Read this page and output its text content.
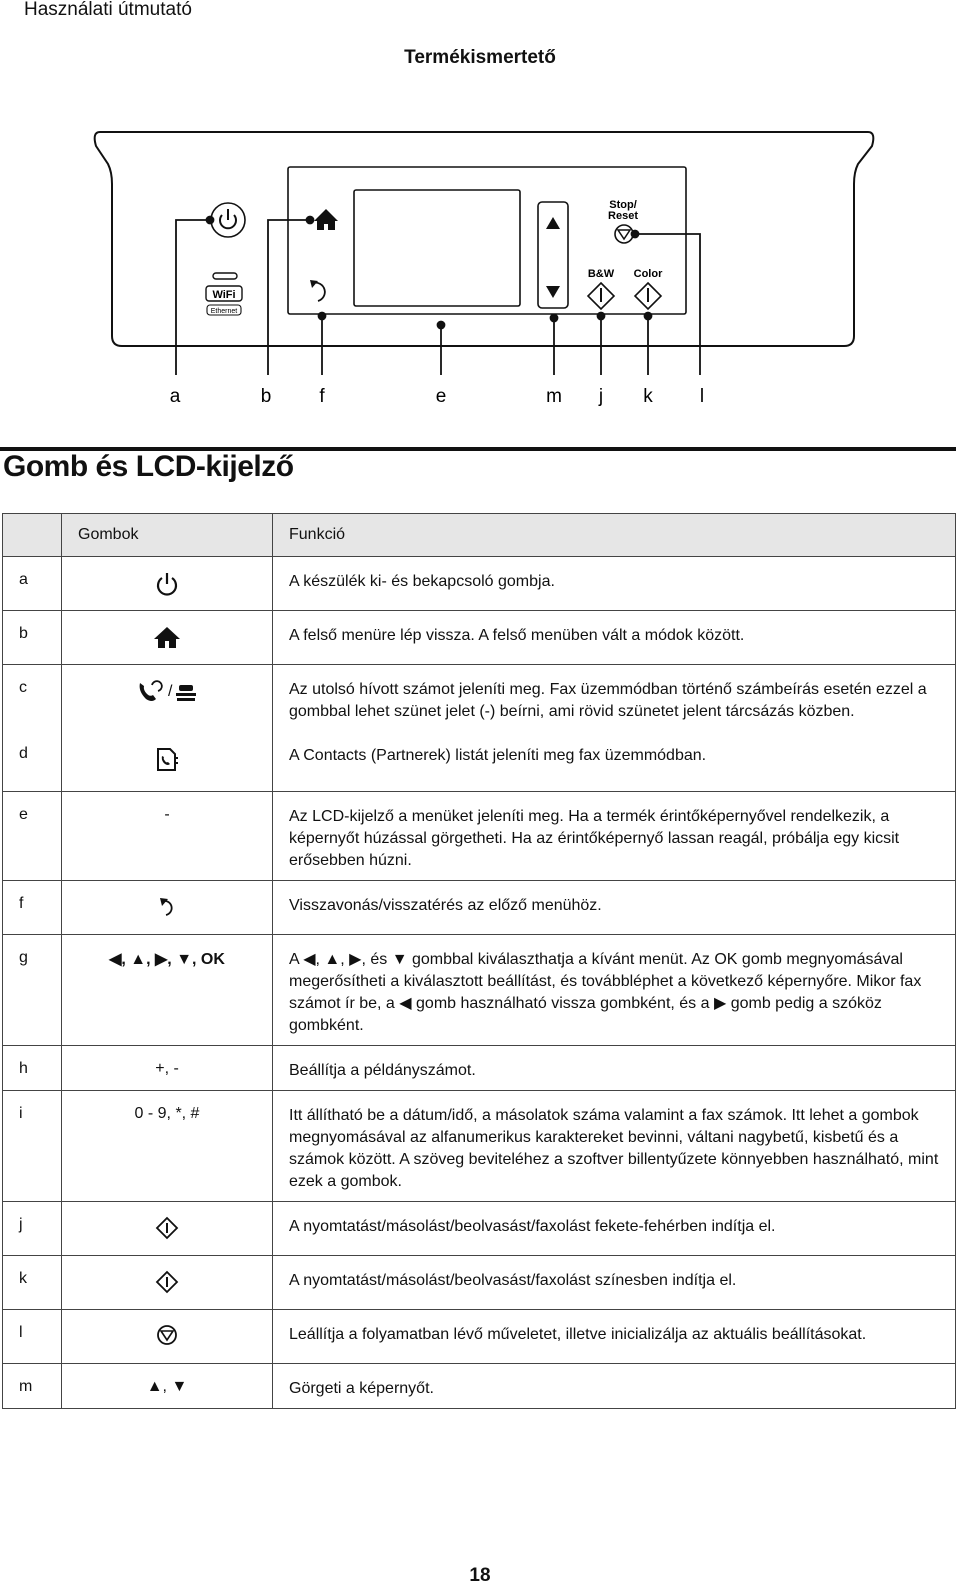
Használati útmutató
Termékismertető
WiFi
Ethernet
Stop/
Reset
B&W Color
a	b	f	e	m j k l
Gomb és LCD-kijelző
	Gombok	Funkció
a		A készülék ki- és bekapcsoló gombja.
b		A felső menüre lép vissza. A felső menüben vált a módok között.
c	/	Az utolsó hívott számot jeleníti meg. Fax üzemmódban történő számbeírás esetén ezzel a gombbal lehet szünet jelet (-) beírni, ami rövid szünetet jelent tárcsázás közben.
d		A Contacts (Partnerek) listát jeleníti meg fax üzemmódban.
e	-	Az LCD-kijelző a menüket jeleníti meg. Ha a termék érintőképernyővel rendelkezik, a képernyőt húzással görgetheti. Ha az érintőképernyő lassan reagál, próbálja egy kicsit erősebben húzni.
f		Visszavonás/visszatérés az előző menühöz.
g	◀, ▲, ▶, ▼, OK	A ◀, ▲, ▶, és ▼ gombbal kiválaszthatja a kívánt menüt. Az OK gomb megnyomásával megerősítheti a kiválasztott beállítást, és továbbléphet a következő képernyőre. Mikor fax számot ír be, a ◀ gomb használható vissza gombként, és a ▶ gomb pedig a szóköz gombként.
h	+, -	Beállítja a példányszámot.
i	0 - 9, *, #	Itt állítható be a dátum/idő, a másolatok száma valamint a fax számok. Itt lehet a gombok megnyomásával az alfanumerikus karaktereket bevinni, váltani nagybetű, kisbetű és a számok között. A szöveg beviteléhez a szoftver billentyűzete könnyebben használható, mint ezek a gombok.
j		A nyomtatást/másolást/beolvasást/faxolást fekete-fehérben indítja el.
k		A nyomtatást/másolást/beolvasást/faxolást színesben indítja el.
l		Leállítja a folyamatban lévő műveletet, illetve inicializálja az aktuális beállításokat.
m	▲, ▼	Görgeti a képernyőt.
18
